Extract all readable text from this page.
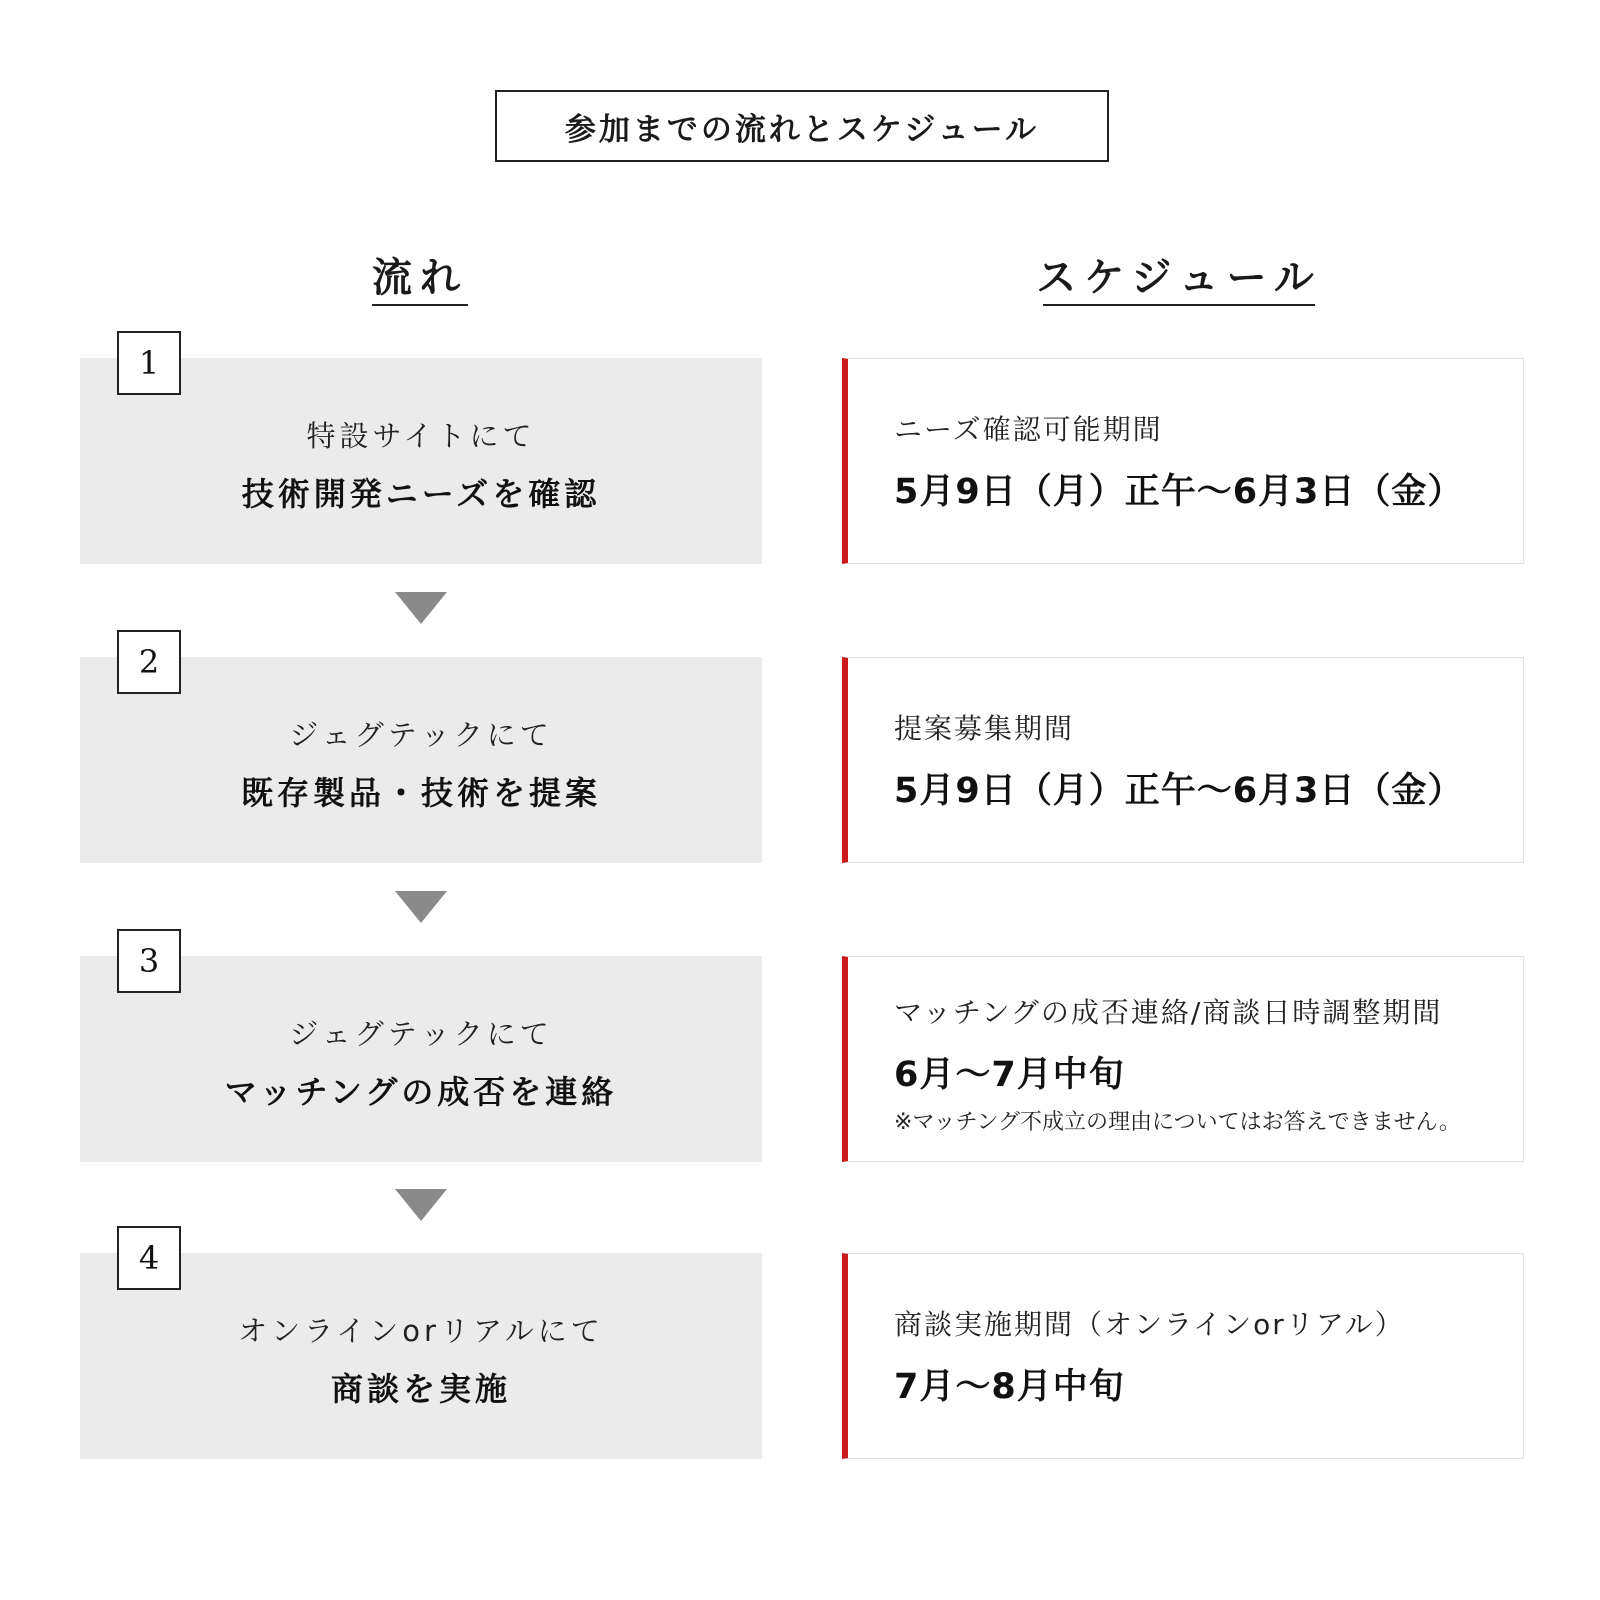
参加までの流れとスケジュール
流れ	スケジュール
特設サイトにて
技術開発ニーズを確認
1
ニーズ確認可能期間
5月9日（月）正午〜6月3日（金）
ジェグテックにて
既存製品・技術を提案
2
提案募集期間
5月9日（月）正午〜6月3日（金）
ジェグテックにて
マッチングの成否を連絡
3
マッチングの成否連絡/商談日時調整期間
6月〜7月中旬
※マッチング不成立の理由についてはお答えできません。
オンラインorリアルにて
商談を実施
4
商談実施期間（オンラインorリアル）
7月〜8月中旬
